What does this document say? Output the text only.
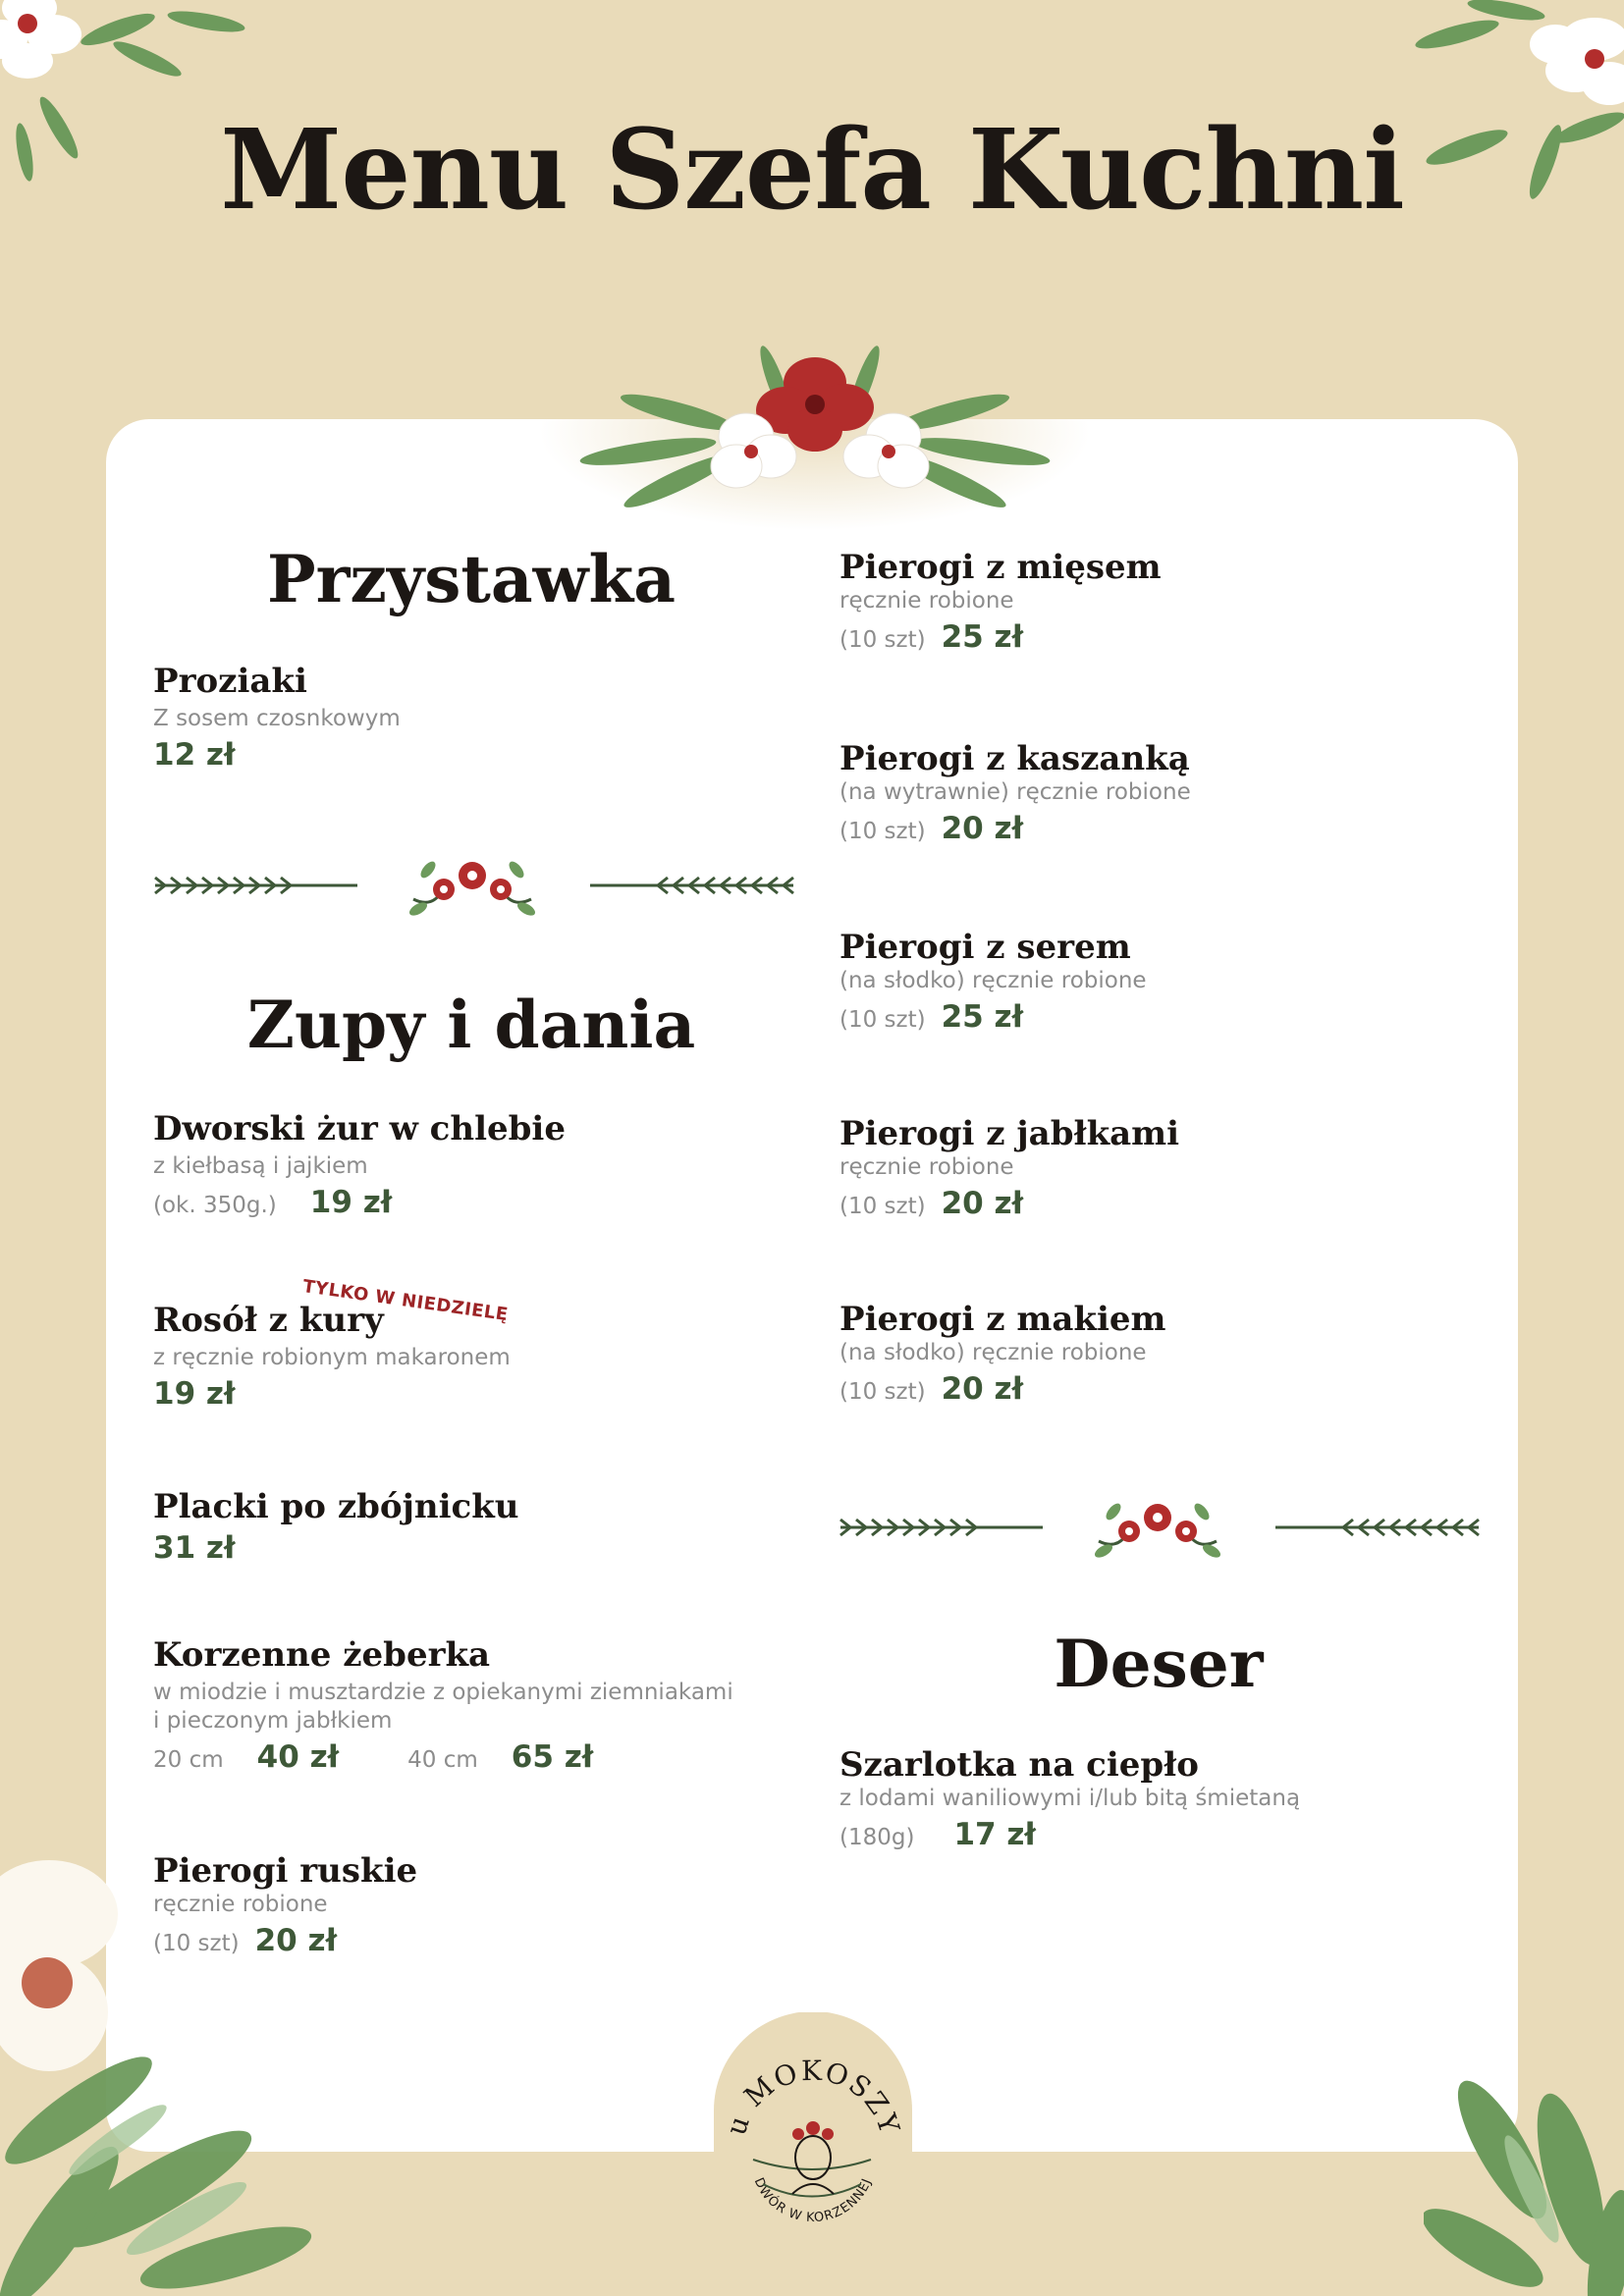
Menu Szefa Kuchni
Przystawka
Proziaki
Z sosem czosnkowym
12 zł
Zupy i dania
Dworski żur w chlebie
z kiełbasą i jajkiem
(ok. 350g.) 19 zł
TYLKO W NIEDZIELĘ
Rosół z kury
z ręcznie robionym makaronem
19 zł
Placki po zbójnicku
31 zł
Korzenne żeberka
w miodzie i musztardzie z opiekanymi ziemniakami
i pieczonym jabłkiem
20 cm 40 zł	40 cm 65 zł
Pierogi ruskie
ręcznie robione
(10 szt) 20 zł
Pierogi z mięsem
ręcznie robione
(10 szt) 25 zł
Pierogi z kaszanką
(na wytrawnie) ręcznie robione
(10 szt) 20 zł
Pierogi z serem
(na słodko) ręcznie robione
(10 szt) 25 zł
Pierogi z jabłkami
ręcznie robione
(10 szt) 20 zł
Pierogi z makiem
(na słodko) ręcznie robione
(10 szt) 20 zł
Deser
Szarlotka na ciepło
z lodami waniliowymi i/lub bitą śmietaną
(180g) 17 zł
u MOKOSZY
DWÓR W KORZENNEJ
